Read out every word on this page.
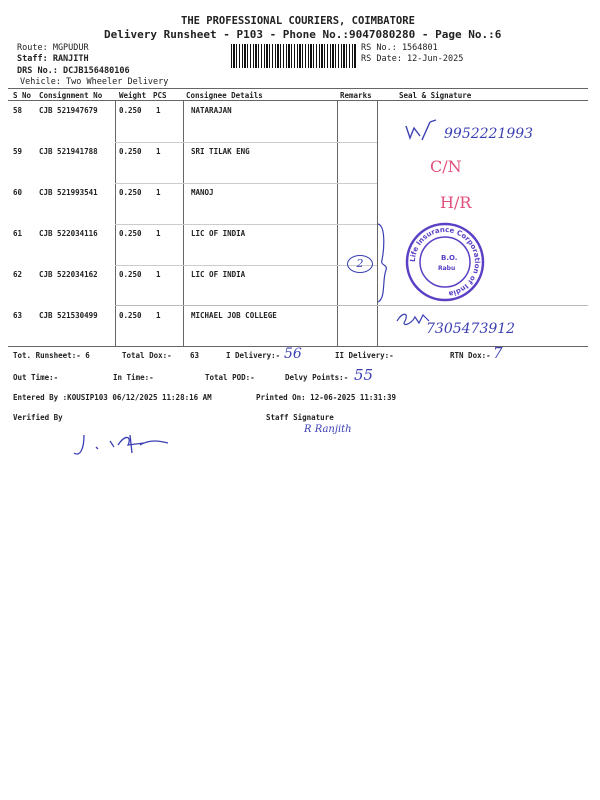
THE PROFESSIONAL COURIERS, COIMBATORE
Delivery Runsheet - P103 - Phone No.:9047080280 - Page No.:6
Route: MGPUDUR
Staff: RANJITH
DRS No.: DCJB156480106
Vehicle: Two Wheeler Delivery
RS No.: 1564801
RS Date: 12-Jun-2025
S No Consignment No Weight PCS	Consignee Details	Remarks	Seal & Signature
58 CJB 521947679	0.250 1	NATARAJAN
59 CJB 521941788	0.250 1	SRI TILAK ENG
60 CJB 521993541	0.250 1	MANOJ
61 CJB 522034116	0.250 1	LIC OF INDIA
62 CJB 522034162	0.250 1	LIC OF INDIA
63 CJB 521530499	0.250 1	MICHAEL JOB COLLEGE
9952221993
C/N
H/R
2	Life Insurance Corporation of India
B.O.
Rabu
7305473912
Tot. Runsheet:- 6	Total Dox:- 63	I Delivery:- 56	II Delivery:-	RTN Dox:- 7
Out Time:-	In Time:-	Total POD:-	Delvy Points:- 55
Entered By :KOUSIP103 06/12/2025 11:28:16 AM	Printed On: 12-06-2025 11:31:39
Verified By	Staff Signature
R Ranjith
